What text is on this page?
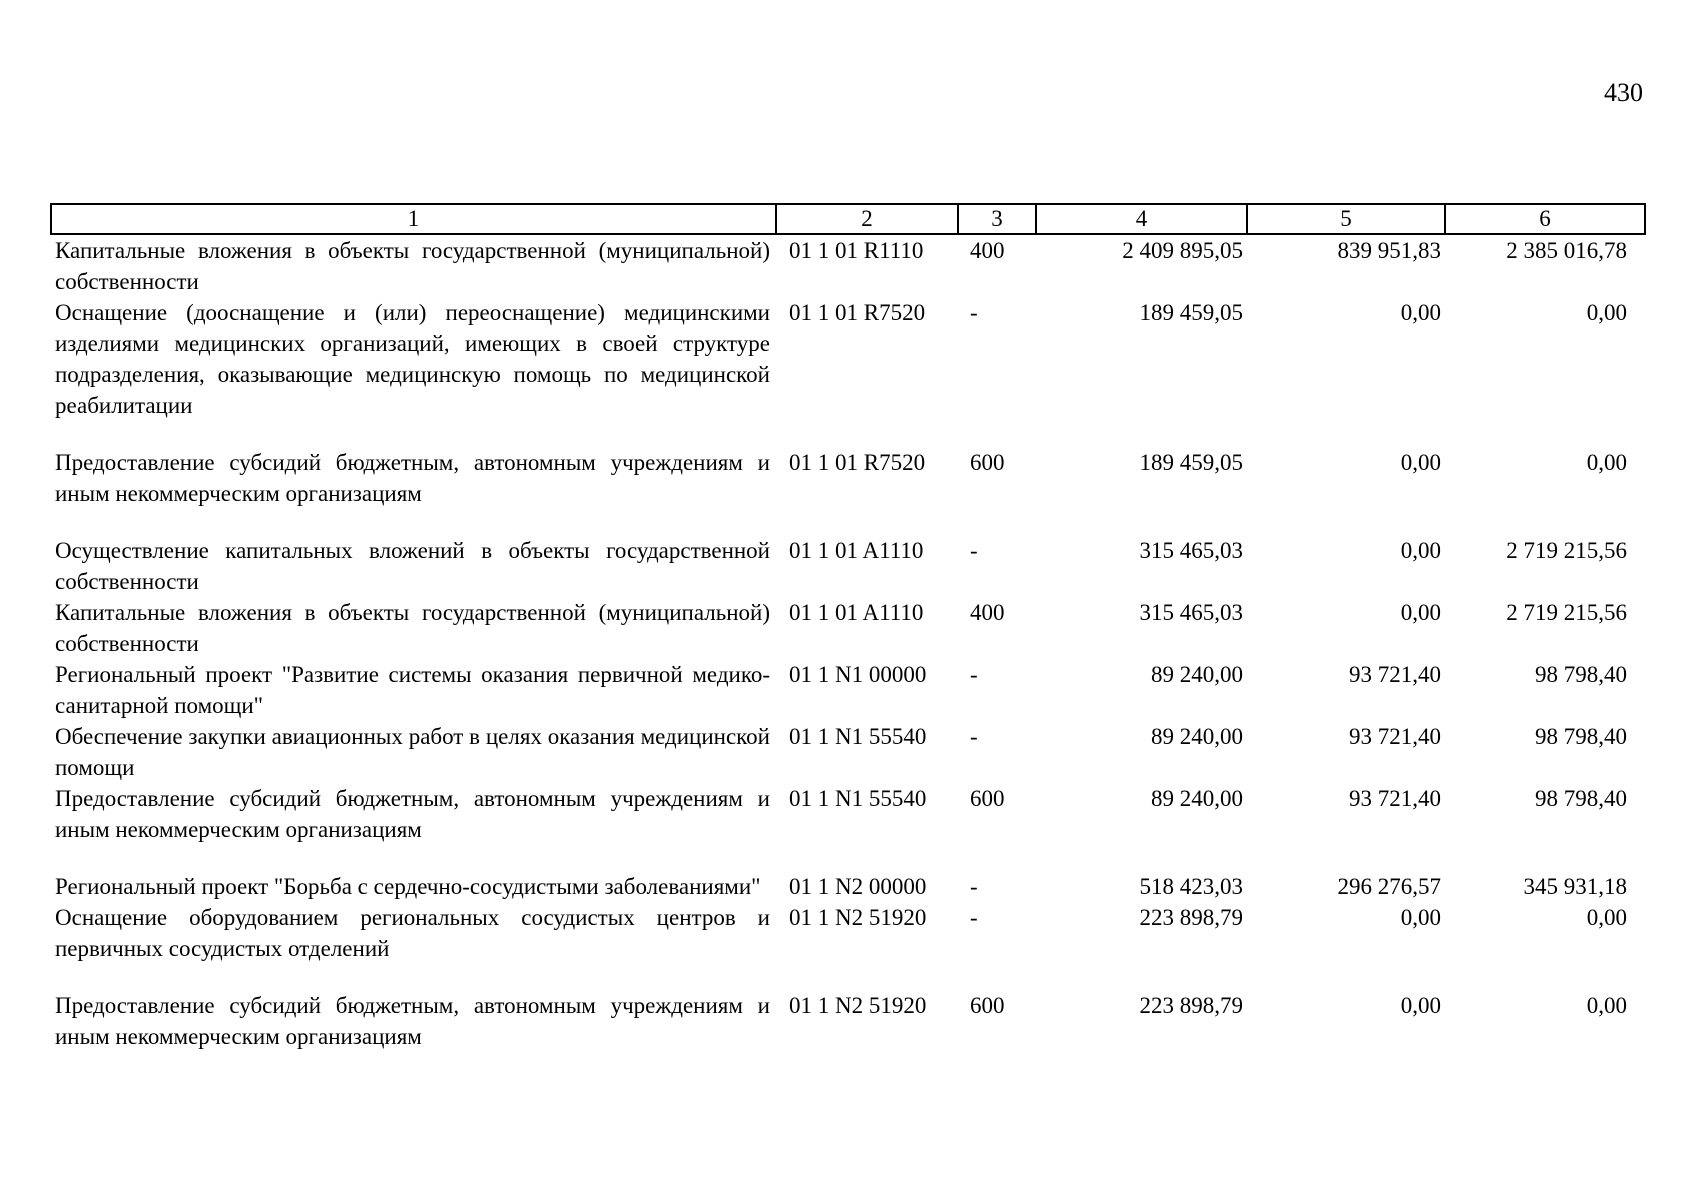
430
1	2	3	4	5	6
Капитальные вложения в объекты государственной (муниципальной) собственности	01 1 01 R1110	400	2 409 895,05	839 951,83	2 385 016,78
Оснащение (дооснащение и (или) переоснащение) медицинскими изделиями медицинских организаций, имеющих в своей структуре подразделения, оказывающие медицинскую помощь по медицинской реабилитации	01 1 01 R7520	-	189 459,05	0,00	0,00
Предоставление субсидий бюджетным, автономным учреждениям и иным некоммерческим организациям	01 1 01 R7520	600	189 459,05	0,00	0,00
Осуществление капитальных вложений в объекты государственной собственности	01 1 01 A1110	-	315 465,03	0,00	2 719 215,56
Капитальные вложения в объекты государственной (муниципальной) собственности	01 1 01 A1110	400	315 465,03	0,00	2 719 215,56
Региональный проект "Развитие системы оказания первичной медико-санитарной помощи"	01 1 N1 00000	-	89 240,00	93 721,40	98 798,40
Обеспечение закупки авиационных работ в целях оказания медицинской помощи	01 1 N1 55540	-	89 240,00	93 721,40	98 798,40
Предоставление субсидий бюджетным, автономным учреждениям и иным некоммерческим организациям	01 1 N1 55540	600	89 240,00	93 721,40	98 798,40
Региональный проект "Борьба с сердечно-сосудистыми заболеваниями"	01 1 N2 00000	-	518 423,03	296 276,57	345 931,18
Оснащение оборудованием региональных сосудистых центров и первичных сосудистых отделений	01 1 N2 51920	-	223 898,79	0,00	0,00
Предоставление субсидий бюджетным, автономным учреждениям и иным некоммерческим организациям	01 1 N2 51920	600	223 898,79	0,00	0,00
